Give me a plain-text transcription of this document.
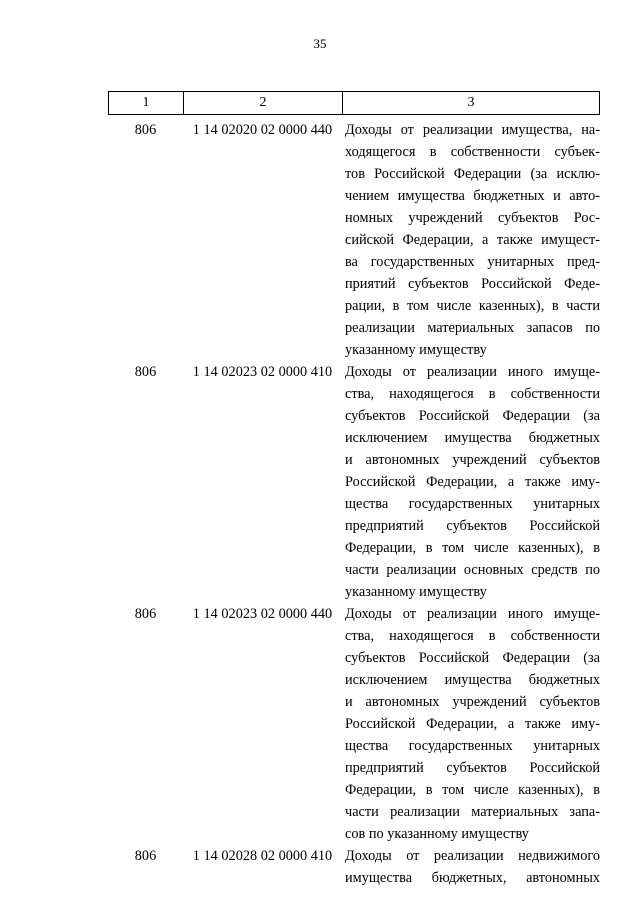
35
1	2	3
806	1 14 02020 02 0000 440 Доходы от реализации имущества, на-
ходящегося в собственности субъек-
тов Российской Федерации (за исклю-
чением имущества бюджетных и авто-
номных учреждений субъектов Рос-
сийской Федерации, а также имущест-
ва государственных унитарных пред-
приятий субъектов Российской Феде-
рации, в том числе казенных), в части
реализации материальных запасов по
указанному имуществу
806	1 14 02023 02 0000 410 Доходы от реализации иного имуще-
ства, находящегося в собственности
субъектов Российской Федерации (за
исключением имущества бюджетных
и автономных учреждений субъектов
Российской Федерации, а также иму-
щества государственных унитарных
предприятий субъектов Российской
Федерации, в том числе казенных), в
части реализации основных средств по
указанному имуществу
806	1 14 02023 02 0000 440 Доходы от реализации иного имуще-
ства, находящегося в собственности
субъектов Российской Федерации (за
исключением имущества бюджетных
и автономных учреждений субъектов
Российской Федерации, а также иму-
щества государственных унитарных
предприятий субъектов Российской
Федерации, в том числе казенных), в
части реализации материальных запа-
сов по указанному имуществу
806	1 14 02028 02 0000 410 Доходы от реализации недвижимого
имущества бюджетных, автономных
